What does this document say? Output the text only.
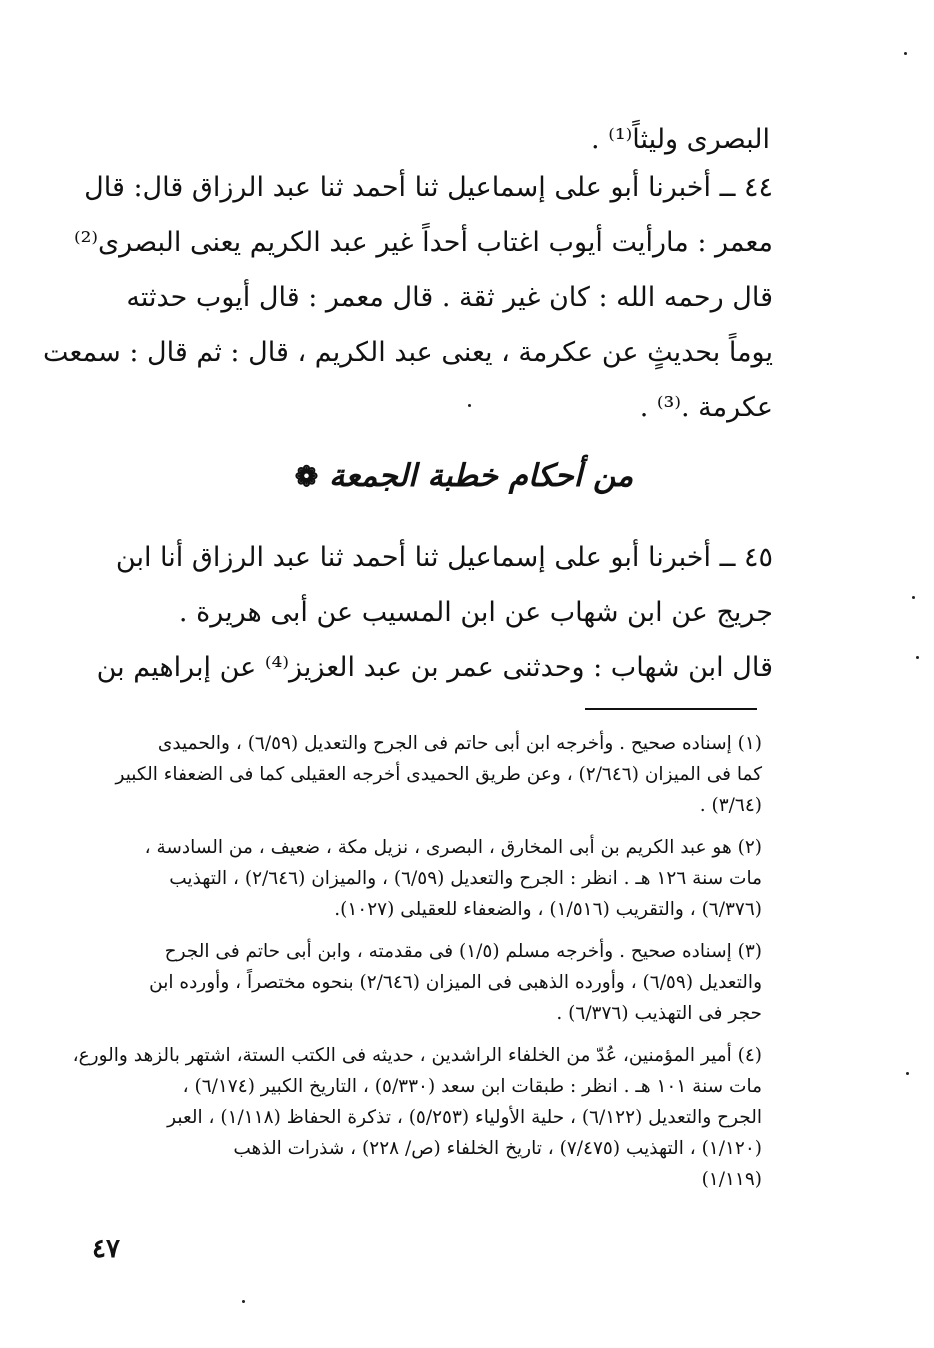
البصرى وليثاً⁽¹⁾ .
٤٤ ــ أخبرنا أبو على إسماعيل ثنا أحمد ثنا عبد الرزاق قال: قال
معمر : مارأيت أيوب اغتاب أحداً غير عبد الكريم يعنى البصرى⁽²⁾
قال رحمه الله : كان غير ثقة . قال معمر : قال أيوب حدثته
يوماً بحديثٍ عن عكرمة ، يعنى عبد الكريم ، قال : ثم قال : سمعت
عكرمة .⁽³⁾ .
من أحكام خطبة الجمعة ❁
٤٥ ــ أخبرنا أبو على إسماعيل ثنا أحمد ثنا عبد الرزاق أنا ابن
جريج عن ابن شهاب عن ابن المسيب عن أبى هريرة .
قال ابن شهاب : وحدثنى عمر بن عبد العزيز⁽⁴⁾ عن إبراهيم بن
(١) إسناده صحيح . وأخرجه ابن أبى حاتم فى الجرح والتعديل (٦/٥٩) ، والحميدى
كما فى الميزان (٢/٦٤٦) ، وعن طريق الحميدى أخرجه العقيلى كما فى الضعفاء الكبير
(٣/٦٤) .
(٢) هو عبد الكريم بن أبى المخارق ، البصرى ، نزيل مكة ، ضعيف ، من السادسة ،
مات سنة ١٢٦ هـ . انظر : الجرح والتعديل (٦/٥٩) ، والميزان (٢/٦٤٦) ، التهذيب
(٦/٣٧٦) ، والتقريب (١/٥١٦) ، والضعفاء للعقيلى (١٠٢٧).
(٣) إسناده صحيح . وأخرجه مسلم (١/٥) فى مقدمته ، وابن أبى حاتم فى الجرح
والتعديل (٦/٥٩) ، وأورده الذهبى فى الميزان (٢/٦٤٦) بنحوه مختصراً ، وأورده ابن
حجر فى التهذيب (٦/٣٧٦) .
(٤) أمير المؤمنين، عُدّ من الخلفاء الراشدين ، حديثه فى الكتب الستة، اشتهر بالزهد والورع،
مات سنة ١٠١ هـ . انظر : طبقات ابن سعد (٥/٣٣٠) ، التاريخ الكبير (٦/١٧٤) ،
الجرح والتعديل (٦/١٢٢) ، حلية الأولياء (٥/٢٥٣) ، تذكرة الحفاظ (١/١١٨) ، العبر
(١/١٢٠) ، التهذيب (٧/٤٧٥) ، تاريخ الخلفاء (ص/ ٢٢٨) ، شذرات الذهب
(١/١١٩)
٤٧
